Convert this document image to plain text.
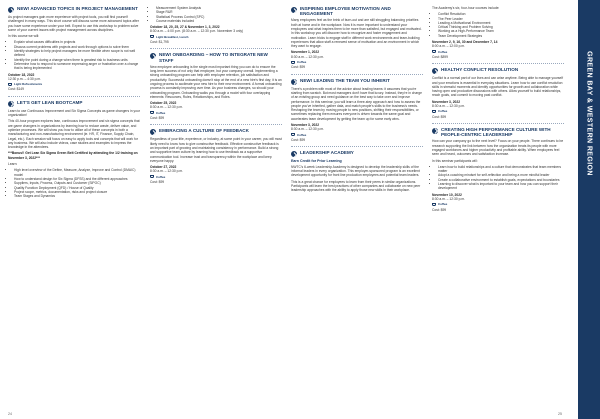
NEW! ADVANCED TOPICS IN PROJECT MANAGEMENT

As project managers gain more experience with project tools, you will find yourself challenged in many ways. This short course will discuss some more advanced topics after you have some experience under your belt. Expect to use this workshop to problem solve some of your current issues with project management across disciplines.

In this course we will:

• Explain what causes difficulties in projects
• Discuss current problems with projects and work through options to solve them
• Identify strategies to help project managers be more flexible when scope is not well defined
• Identify the point during a change when there is greatest risk to business units
• Determine how to respond to someone expressing anger or frustration over a change that is being implemented
October 18, 2022
12:30 p.m. – 4:30 p.m.
Light Refreshments
Cost: $149
LET'S GET LEAN BOOTCAMP

Learn to use Continuous Improvement and Six Sigma Concepts as game changers in your organization!

This 40-hour program explores lean, continuous improvement and six sigma concepts that are game changers in organizations by learning how to reduce waste, deliver value, and optimize processes. We will show you how to utilize all of these concepts in both a manufacturing and non-manufacturing environment (ie. HR, IT, Finance, Supply Chain, Legal, etc.). Each session will focus on easy to apply tools and concepts that will work for any business. We will also include videos, case studies and examples to impress the knowledge in the attendees.

***Bonus!! Get Lean Six Sigma Green Belt Certified by attending the 1/2 training on November 3, 2022***

Learn:

• High level overview of the Define, Measure, Analyze, Improve and Control (DMAIC) model
• How to understand design for Six Sigma (DFSS) and the different approaches
• Suppliers, Inputs, Process, Outputs and Customer (SIPOC)
• Quality Function Deployment (QFD) / House of Quality
• Project scope, metrics, documentation, risks and project closure
• Team Stages and Dynamics
• Measurement System Analysis
• Stage R&R
• Statistical Process Control (SPC)
• Course materials included
October 18, 20, 25, 27 & November 1, 3, 2022
8:30 a.m. – 4:00 p.m. (8:30 a.m. – 12:30 p.m. November 3 only)
Light Breakfast, Lunch
Cost: $1,795
NEW! ONBOARDING – HOW TO INTEGRATE NEW STAFF

New employee onboarding is the single most important thing you can do to ensure the long-term success of not only that employee, but your company overall. Implementing a strong onboarding program can help with employee retention, job satisfaction and productivity. Successful onboarding doesn't stop at the end of a new hire's first day; it is an ongoing process to acclimate your new hire to their new environment. A formal onboarding process is constantly improving over time. As your business changes, so should your onboarding program. Onboarding walks you through a model with four overlapping elements: Resources, Rules, Relationships, and Roles.

October 25, 2022
8:30 a.m. – 12:30 p.m.
Coffee
Cost: $99
EMBRACING A CULTURE OF FEEDBACK

Regardless of your title, experience, or industry, at some point in your career, you will most likely need to know how to give constructive feedback. Effective constructive feedback is an important part of growing and maintaining consistency in performance. Build a strong and supportive team culture by learning how to use feedback as a supportive communication tool. Increase trust and transparency within the workplace and keep everyone happy.

October 27, 2022
8:30 a.m. – 12:30 p.m.
Coffee
Cost: $99
INSPIRING EMPLOYEE MOTIVATION AND ENGAGEMENT

Many employees feel as the brink of burn-out and are still struggling balancing priorities both at home and in the workplace. Now it is more important to understand your employees and what inspires them to be more than satisfied, but engaged and motivated. In this workshop you will discover how to recognize and foster engagement and motivation. Learn tricks to engage staff in different work environments and team-building experiences that allow staff a renewed sense of motivation and an environment in which they want to engage.

November 1, 2022
8:30 a.m. – 12:30 p.m.
Coffee
Cost: $99
NEW! LEADING THE TEAM YOU INHERIT

There's a problem with most of the advice about leading teams: it assumes that you're starting from scratch. But most managers don't have that luxury. Instead, they're in charge of an existing group and need guidance on the best way to take over and improve performance. In this seminar, you will learn a three-step approach and how to assess the people you've inherited, gather data, and match people's skills to the business's needs. Reshaping the team by moving people to new positions, shifting their responsibilities, or sometimes replacing them ensures everyone is driven towards the same goal and accelerates team development by getting the team up for some early wins.

November 3, 2022
8:30 a.m. – 12:30 p.m.
Coffee
Cost: $99
LEADERSHIP ACADEMY
Earn Credit for Prior Learning

NWTC's 6-week Leadership Academy is designed to develop the leadership skills of the informal leaders in every organization. This employer-sponsored program is an excellent development opportunity for front line production employees and potential team leaders.

This is a great chance for employees to learn from their peers in similar organizations. Participants will learn the best practices of other companies and collaborate on new peer leadership approaches with the ability to apply those new skills in their workplace.

The Academy's six, four-hour courses include:

• Conflict Resolution
• The Peer Leader
• Leading a Motivational Environment
• Critical Thinking and Problem Solving
• Working as a High-Performance Team
• Team Development Strategies
November 2, 9, 16, 30 and December 7, 14
8:00 a.m. – 12:00 p.m.
Coffee
Cost: $899
HEALTHY CONFLICT RESOLUTION

Conflict is a normal part of our lives and can arise anytime. Being able to manage yourself and your emotions is essential in everyday situations. Learn how to use conflict resolution skills in stressful moments and identify opportunities for growth and collaboration while having open and productive discussions with others. Allow yourself to build relationships, reach goals, and commit to moving past conflict.

November 3, 2022
8:30 a.m. – 12:30 p.m.
Coffee
Cost: $99
CREATING HIGH PERFORMANCE CULTURE WITH PEOPLE-CENTRIC LEADERSHIP

How can your company go to the next level? Focus on your people. There continues to be research supporting the link between how the organization treats its people with more engaged workforces and higher productivity and profitable ability. When employees feel seen and heard, outcomes and satisfaction increase.

In this seminar participants will:

• Learn how to build relationships and a culture that demonstrates that team members matter
• Adopt a coaching mindset for self-reflection and being a more mindful leader
• Create a collaborative environment to establish goals, expectations and boundaries
• Learning to discover what is important to your team and how you can support their development
November 10, 2022
8:30 a.m. – 12:30 p.m.
Coffee
Cost: $99
24	25
GREEN BAY & WESTERN REGION
